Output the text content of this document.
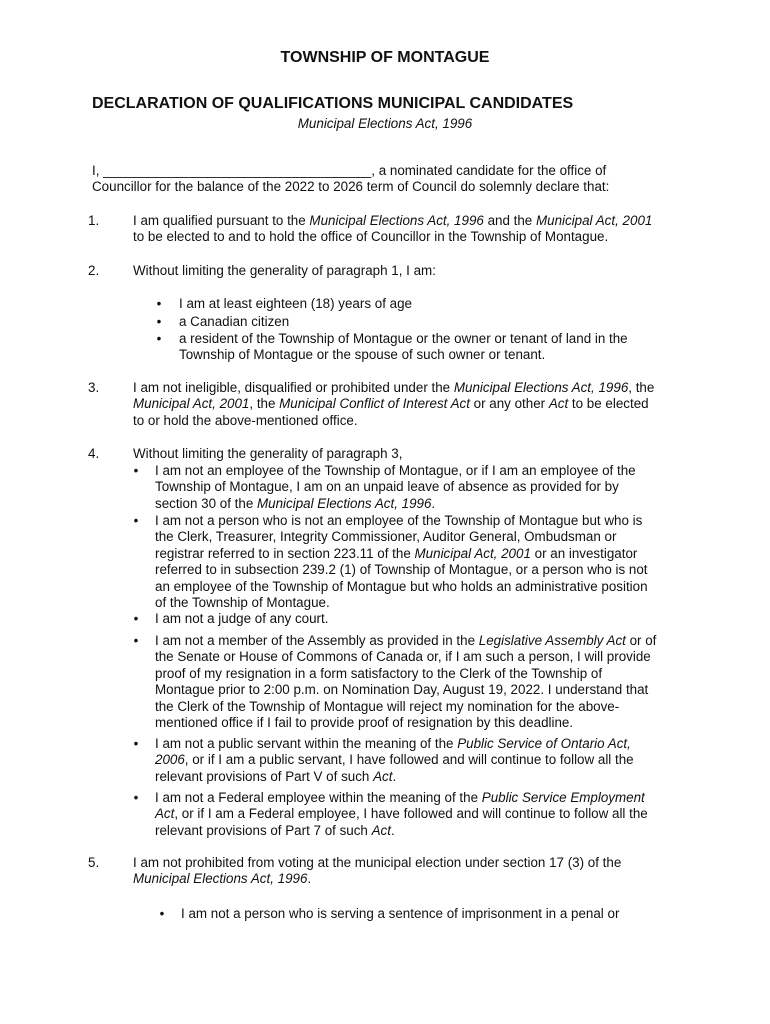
TOWNSHIP OF MONTAGUE
DECLARATION OF QUALIFICATIONS MUNICIPAL CANDIDATES
Municipal Elections Act, 1996
I, ____________________________________, a nominated candidate for the office of
Councillor for the balance of the 2022 to 2026 term of Council do solemnly declare that:
1.	I am qualified pursuant to the Municipal Elections Act, 1996 and the Municipal Act, 2001
to be elected to and to hold the office of Councillor in the Township of Montague.
2.	Without limiting the generality of paragraph 1, I am:
• I am at least eighteen (18) years of age
• a Canadian citizen
• a resident of the Township of Montague or the owner or tenant of land in the
Township of Montague or the spouse of such owner or tenant.
3.	I am not ineligible, disqualified or prohibited under the Municipal Elections Act, 1996, the
Municipal Act, 2001, the Municipal Conflict of Interest Act or any other Act to be elected
to or hold the above-mentioned office.
4.	Without limiting the generality of paragraph 3,
• I am not an employee of the Township of Montague, or if I am an employee of the
Township of Montague, I am on an unpaid leave of absence as provided for by
section 30 of the Municipal Elections Act, 1996.
• I am not a person who is not an employee of the Township of Montague but who is
the Clerk, Treasurer, Integrity Commissioner, Auditor General, Ombudsman or
registrar referred to in section 223.11 of the Municipal Act, 2001 or an investigator
referred to in subsection 239.2 (1) of Township of Montague, or a person who is not
an employee of the Township of Montague but who holds an administrative position
of the Township of Montague.
• I am not a judge of any court.
• I am not a member of the Assembly as provided in the Legislative Assembly Act or of
the Senate or House of Commons of Canada or, if I am such a person, I will provide
proof of my resignation in a form satisfactory to the Clerk of the Township of
Montague prior to 2:00 p.m. on Nomination Day, August 19, 2022. I understand that
the Clerk of the Township of Montague will reject my nomination for the above-
mentioned office if I fail to provide proof of resignation by this deadline.
• I am not a public servant within the meaning of the Public Service of Ontario Act,
2006, or if I am a public servant, I have followed and will continue to follow all the
relevant provisions of Part V of such Act.
• I am not a Federal employee within the meaning of the Public Service Employment
Act, or if I am a Federal employee, I have followed and will continue to follow all the
relevant provisions of Part 7 of such Act.
5.	I am not prohibited from voting at the municipal election under section 17 (3) of the
Municipal Elections Act, 1996.
• I am not a person who is serving a sentence of imprisonment in a penal or
